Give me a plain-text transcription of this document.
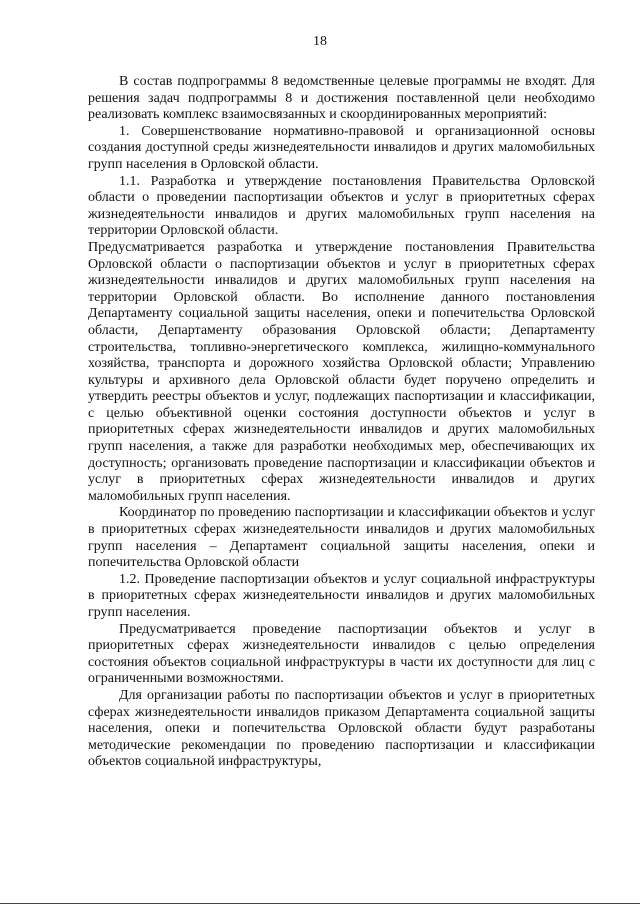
18

В состав подпрограммы 8 ведомственные целевые программы не входят. Для решения задач подпрограммы 8 и достижения поставленной цели необходимо реализовать комплекс взаимосвязанных и скоординированных мероприятий:

1. Совершенствование нормативно-правовой и организационной основы создания доступной среды жизнедеятельности инвалидов и других маломобильных групп населения в Орловской области.

1.1. Разработка и утверждение постановления Правительства Орловской области о проведении паспортизации объектов и услуг в приоритетных сферах жизнедеятельности инвалидов и других маломобильных групп населения на территории Орловской области.

Предусматривается разработка и утверждение постановления Правительства Орловской области о паспортизации объектов и услуг в приоритетных сферах жизнедеятельности инвалидов и других маломобильных групп населения на территории Орловской области. Во исполнение данного постановления Департаменту социальной защиты населения, опеки и попечительства Орловской области, Департаменту образования Орловской области; Департаменту строительства, топливно-энергетического комплекса, жилищно-коммунального хозяйства, транспорта и дорожного хозяйства Орловской области; Управлению культуры и архивного дела Орловской области будет поручено определить и утвердить реестры объектов и услуг, подлежащих паспортизации и классификации, с целью объективной оценки состояния доступности объектов и услуг в приоритетных сферах жизнедеятельности инвалидов и других маломобильных групп населения, а также для разработки необходимых мер, обеспечивающих их доступность; организовать проведение паспортизации и классификации объектов и услуг в приоритетных сферах жизнедеятельности инвалидов и других маломобильных групп населения.

Координатор по проведению паспортизации и классификации объектов и услуг в приоритетных сферах жизнедеятельности инвалидов и других маломобильных групп населения – Департамент социальной защиты населения, опеки и попечительства Орловской области

1.2. Проведение паспортизации объектов и услуг социальной инфраструктуры в приоритетных сферах жизнедеятельности инвалидов и других маломобильных групп населения.

Предусматривается проведение паспортизации объектов и услуг в приоритетных сферах жизнедеятельности инвалидов с целью определения состояния объектов социальной инфраструктуры в части их доступности для лиц с ограниченными возможностями.

Для организации работы по паспортизации объектов и услуг в приоритетных сферах жизнедеятельности инвалидов приказом Департамента социальной защиты населения, опеки и попечительства Орловской области будут разработаны методические рекомендации по проведению паспортизации и классификации объектов социальной инфраструктуры,
